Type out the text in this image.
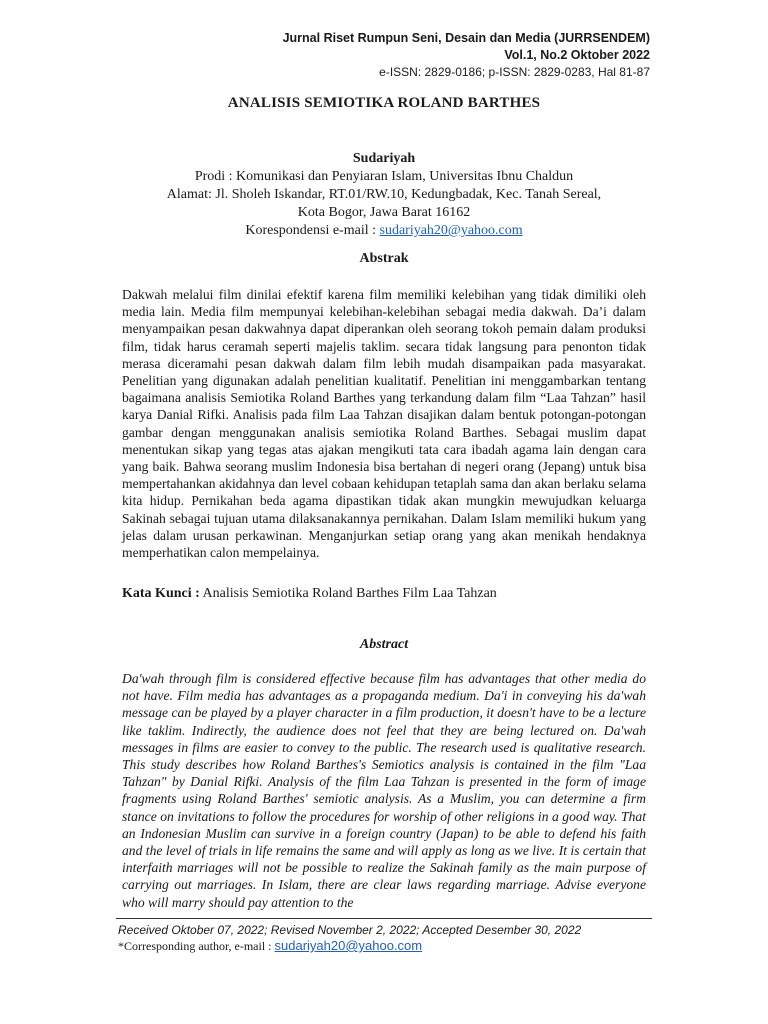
Jurnal Riset Rumpun Seni, Desain dan Media (JURRSENDEM)
Vol.1, No.2 Oktober 2022
e-ISSN: 2829-0186; p-ISSN: 2829-0283, Hal 81-87
ANALISIS SEMIOTIKA ROLAND BARTHES
Sudariyah
Prodi : Komunikasi dan Penyiaran Islam, Universitas Ibnu Chaldun
Alamat: Jl. Sholeh Iskandar, RT.01/RW.10, Kedungbadak, Kec. Tanah Sereal,
Kota Bogor, Jawa Barat 16162
Korespondensi e-mail : sudariyah20@yahoo.com
Abstrak
Dakwah melalui film dinilai efektif karena film memiliki kelebihan yang tidak dimiliki oleh media lain. Media film mempunyai kelebihan-kelebihan sebagai media dakwah. Da’i dalam menyampaikan pesan dakwahnya dapat diperankan oleh seorang tokoh pemain dalam produksi film, tidak harus ceramah seperti majelis taklim. secara tidak langsung para penonton tidak merasa diceramahi pesan dakwah dalam film lebih mudah disampaikan pada masyarakat. Penelitian yang digunakan adalah penelitian kualitatif. Penelitian ini menggambarkan tentang bagaimana analisis Semiotika Roland Barthes yang terkandung dalam film “Laa Tahzan” hasil karya Danial Rifki. Analisis pada film Laa Tahzan disajikan dalam bentuk potongan-potongan gambar dengan menggunakan analisis semiotika Roland Barthes. Sebagai muslim dapat menentukan sikap yang tegas atas ajakan mengikuti tata cara ibadah agama lain dengan cara yang baik. Bahwa seorang muslim Indonesia bisa bertahan di negeri orang (Jepang) untuk bisa mempertahankan akidahnya dan level cobaan kehidupan tetaplah sama dan akan berlaku selama kita hidup. Pernikahan beda agama dipastikan tidak akan mungkin mewujudkan keluarga Sakinah sebagai tujuan utama dilaksanakannya pernikahan. Dalam Islam memiliki hukum yang jelas dalam urusan perkawinan. Menganjurkan setiap orang yang akan menikah hendaknya memperhatikan calon mempelainya.
Kata Kunci : Analisis Semiotika Roland Barthes Film Laa Tahzan
Abstract
Da'wah through film is considered effective because film has advantages that other media do not have. Film media has advantages as a propaganda medium. Da'i in conveying his da'wah message can be played by a player character in a film production, it doesn't have to be a lecture like taklim. Indirectly, the audience does not feel that they are being lectured on. Da'wah messages in films are easier to convey to the public. The research used is qualitative research. This study describes how Roland Barthes's Semiotics analysis is contained in the film "Laa Tahzan" by Danial Rifki. Analysis of the film Laa Tahzan is presented in the form of image fragments using Roland Barthes' semiotic analysis. As a Muslim, you can determine a firm stance on invitations to follow the procedures for worship of other religions in a good way. That an Indonesian Muslim can survive in a foreign country (Japan) to be able to defend his faith and the level of trials in life remains the same and will apply as long as we live. It is certain that interfaith marriages will not be possible to realize the Sakinah family as the main purpose of carrying out marriages. In Islam, there are clear laws regarding marriage. Advise everyone who will marry should pay attention to the
Received Oktober 07, 2022; Revised November 2, 2022; Accepted Desember 30, 2022
*Corresponding author, e-mail : sudariyah20@yahoo.com
